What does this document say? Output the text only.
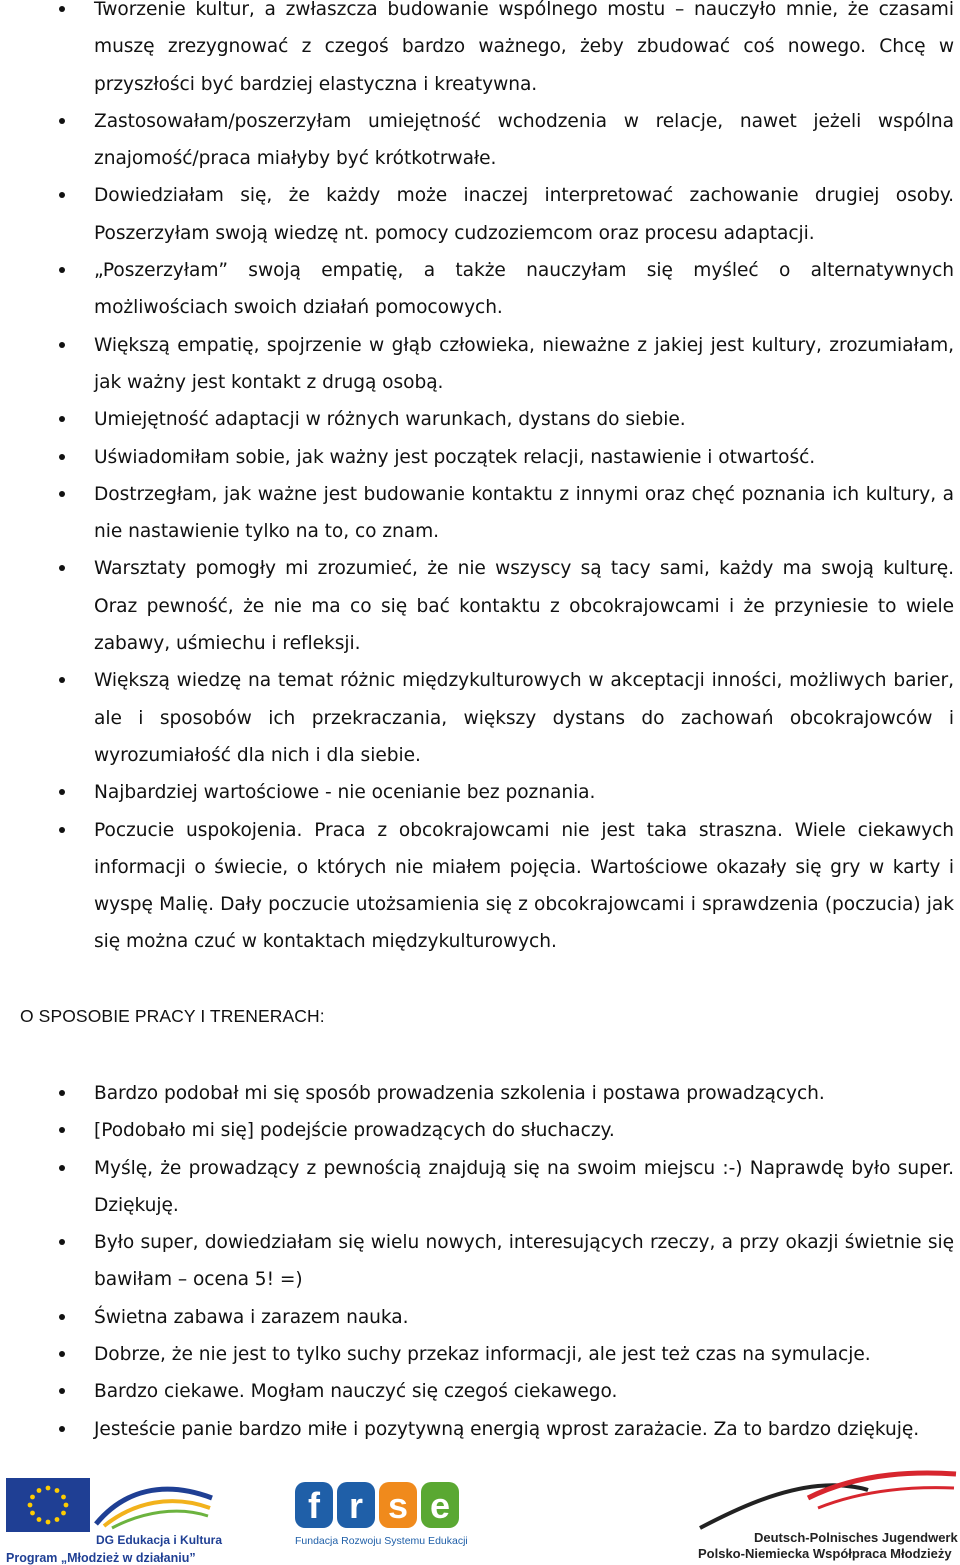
Tworzenie kultur, a zwłaszcza budowanie wspólnego mostu – nauczyło mnie, że czasami muszę zrezygnować z czegoś bardzo ważnego, żeby zbudować coś nowego. Chcę w przyszłości być bardziej elastyczna i kreatywna.
Zastosowałam/poszerzyłam umiejętność wchodzenia w relacje, nawet jeżeli wspólna znajomość/praca miałyby być krótkotrwałe.
Dowiedziałam się, że każdy może inaczej interpretować zachowanie drugiej osoby. Poszerzyłam swoją wiedzę nt. pomocy cudzoziemcom oraz procesu adaptacji.
„Poszerzyłam” swoją empatię, a także nauczyłam się myśleć o alternatywnych możliwościach swoich działań pomocowych.
Większą empatię, spojrzenie w głąb człowieka, nieważne z jakiej jest kultury, zrozumiałam, jak ważny jest kontakt z drugą osobą.
Umiejętność adaptacji w różnych warunkach, dystans do siebie.
Uświadomiłam sobie, jak ważny jest początek relacji, nastawienie i otwartość.
Dostrzegłam, jak ważne jest budowanie kontaktu z innymi oraz chęć poznania ich kultury, a nie nastawienie tylko na to, co znam.
Warsztaty pomogły mi zrozumieć, że nie wszyscy są tacy sami, każdy ma swoją kulturę. Oraz pewność, że nie ma co się bać kontaktu z obcokrajowcami i że przyniesie to wiele zabawy, uśmiechu i refleksji.
Większą wiedzę na temat różnic międzykulturowych w akceptacji inności, możliwych barier, ale i sposobów ich przekraczania, większy dystans do zachowań obcokrajowców i wyrozumiałość dla nich i dla siebie.
Najbardziej wartościowe - nie ocenianie bez poznania.
Poczucie uspokojenia. Praca z obcokrajowcami nie jest taka straszna. Wiele ciekawych informacji o świecie, o których nie miałem pojęcia. Wartościowe okazały się gry w karty i wyspę Malię. Dały poczucie utożsamienia się z obcokrajowcami i sprawdzenia (poczucia) jak się można czuć w kontaktach międzykulturowych.
O SPOSOBIE PRACY I TRENERACH:
Bardzo podobał mi się sposób prowadzenia szkolenia i postawa prowadzących.
[Podobało mi się] podejście prowadzących do słuchaczy.
Myślę, że prowadzący z pewnością znajdują się na swoim miejscu :-) Naprawdę było super. Dziękuję.
Było super, dowiedziałam się wielu nowych, interesujących rzeczy, a przy okazji świetnie się bawiłam – ocena 5! =)
Świetna zabawa i zarazem nauka.
Dobrze, że nie jest to tylko suchy przekaz informacji, ale jest też czas na symulacje.
Bardzo ciekawe. Mogłam nauczyć się czegoś ciekawego.
Jesteście panie bardzo miłe i pozytywną energią wprost zarażacie. Za to bardzo dziękuję.
DG Edukacja i Kultura
Program „Młodzież w działaniu”
f r s e
Fundacja Rozwoju Systemu Edukacji	Deutsch-Polnisches Jugendwerk
Polsko-Niemiecka Współpraca Młodzieży
